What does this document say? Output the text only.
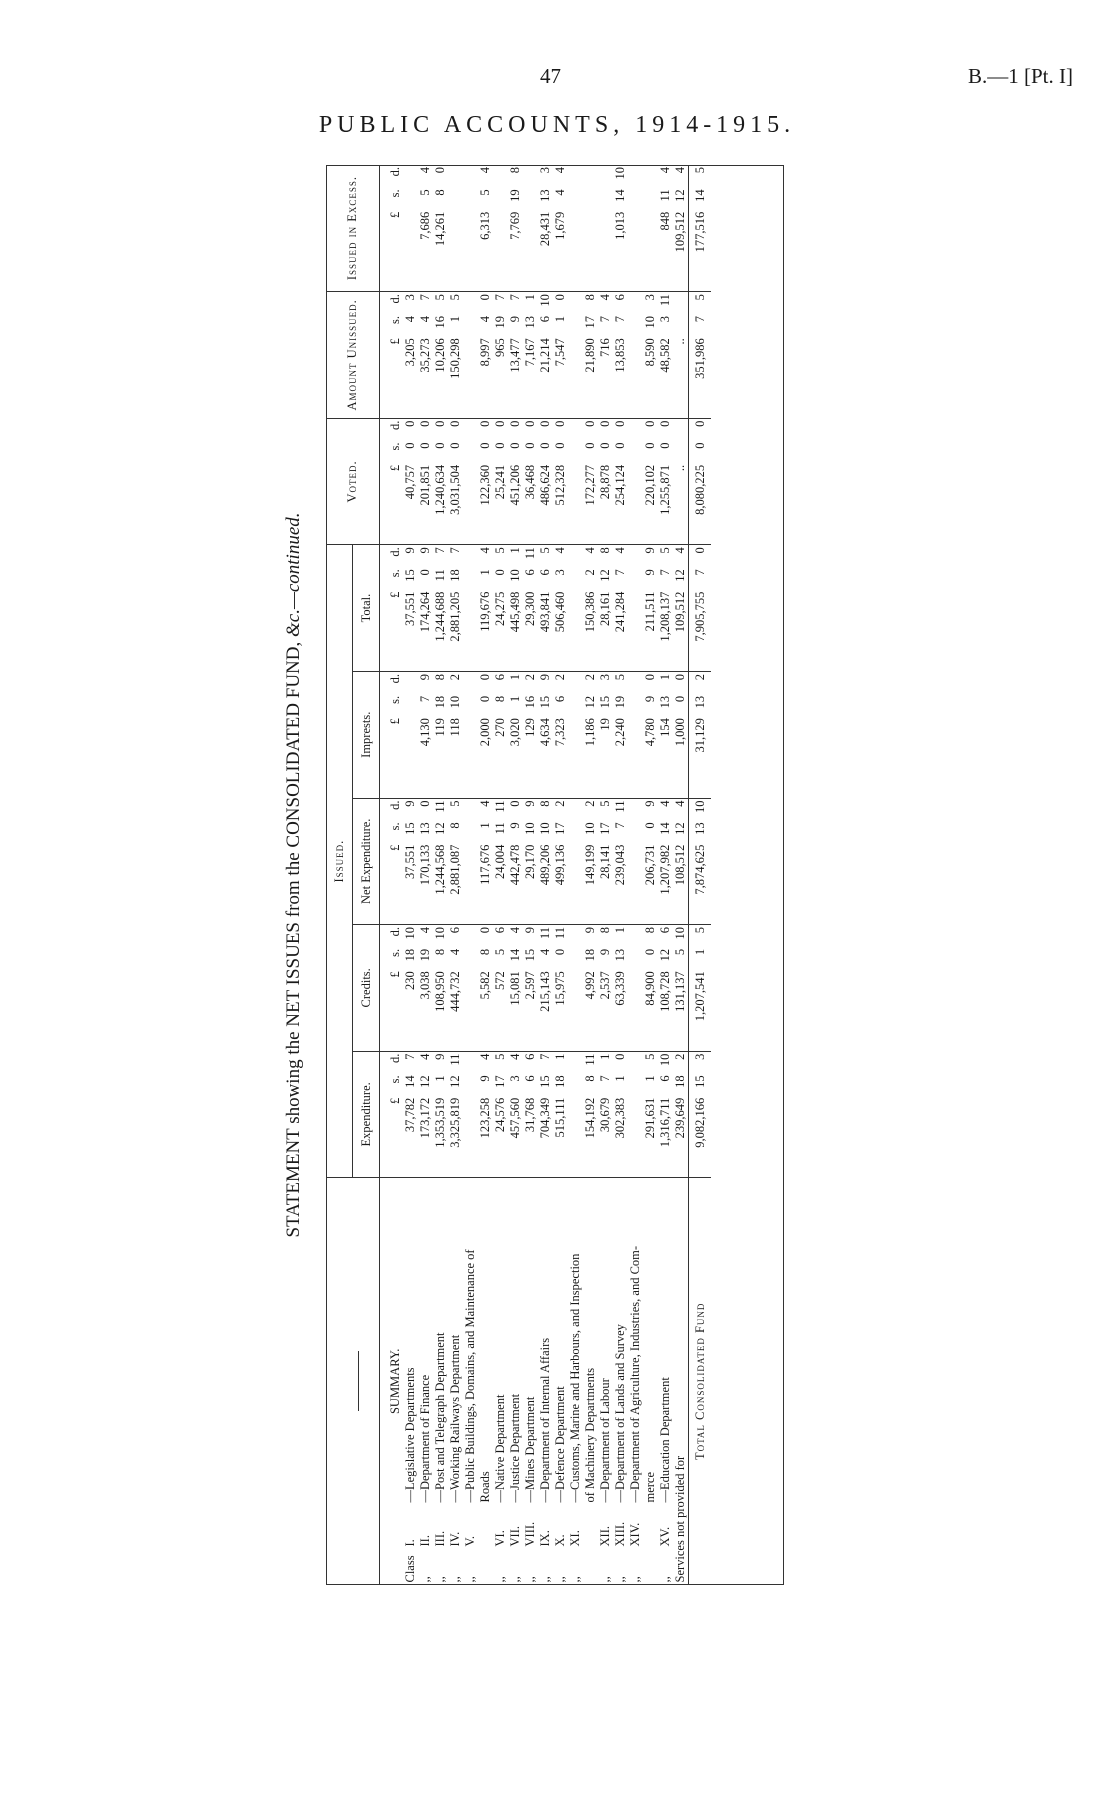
47	B.—1 [Pt. I]
PUBLIC ACCOUNTS, 1914-1915.
STATEMENT showing the NET ISSUES from the CONSOLIDATED FUND, &c.—continued.
	Issued.															Voted.			Amount Unissued.			Issued in Excess.		
	Expenditure.			Credits.			Net Expenditure.			Imprests.			Total.											
SUMMARY.	£	s.	d.	£	s.	d.	£	s.	d.	£	s.	d.	£	s.	d.	£	s.	d.	£	s.	d.	£	s.	d.
ClassI.—Legislative Departments	37,782	14	7	230	18	10	37,551	15	9				37,551	15	9	40,757	0	0	3,205	4	3			
,,II.—Department of Finance	173,172	12	4	3,038	19	4	170,133	13	0	4,130	7	9	174,264	0	9	201,851	0	0	35,273	4	7	7,686	5	4
,,III.—Post and Telegraph Department	1,353,519	1	9	108,950	8	10	1,244,568	12	11	119	18	8	1,244,688	11	7	1,240,634	0	0	10,206	16	5	14,261	8	0
,,IV.—Working Railways Department	3,325,819	12	11	444,732	4	6	2,881,087	8	5	118	10	2	2,881,205	18	7	3,031,504	0	0	150,298	1	5			
,,V.—Public Buildings, Domains, and Maintenance of																								
Roads	123,258	9	4	5,582	8	0	117,676	1	4	2,000	0	0	119,676	1	4	122,360	0	0	8,997	4	0	6,313	5	4
,,VI.—Native Department	24,576	17	5	572	5	6	24,004	11	11	270	8	6	24,275	0	5	25,241	0	0	965	19	7			
,,VII.—Justice Department	457,560	3	4	15,081	14	4	442,478	9	0	3,020	1	1	445,498	10	1	451,206	0	0	13,477	9	7	7,769	19	8
,,VIII.—Mines Department	31,768	6	6	2,597	15	9	29,170	10	9	129	16	2	29,300	6	11	36,468	0	0	7,167	13	1			
,,IX.—Department of Internal Affairs	704,349	15	7	215,143	4	11	489,206	10	8	4,634	15	9	493,841	6	5	486,624	0	0	21,214	6	10	28,431	13	3
,,X.—Defence Department	515,111	18	1	15,975	0	11	499,136	17	2	7,323	6	2	506,460	3	4	512,328	0	0	7,547	1	0	1,679	4	4
,,XI.—Customs, Marine and Harbours, and Inspection																								
of Machinery Departments	154,192	8	11	4,992	18	9	149,199	10	2	1,186	12	2	150,386	2	4	172,277	0	0	21,890	17	8			
,,XII.—Department of Labour	30,679	7	1	2,537	9	8	28,141	17	5	19	15	3	28,161	12	8	28,878	0	0	716	7	4			
,,XIII.—Department of Lands and Survey	302,383	1	0	63,339	13	1	239,043	7	11	2,240	19	5	241,284	7	4	254,124	0	0	13,853	7	6	1,013	14	10
,,XIV.—Department of Agriculture, Industries, and Com-																								
merce	291,631	1	5	84,900	0	8	206,731	0	9	4,780	9	0	211,511	9	9	220,102	0	0	8,590	10	3			
,,XV.—Education Department	1,316,711	6	10	108,728	12	6	1,207,982	14	4	154	13	1	1,208,137	7	5	1,255,871	0	0	48,582	3	11	848	11	4
Services not provided for	239,649	18	2	131,137	5	10	108,512	12	4	1,000	0	0	109,512	12	4	..			..			109,512	12	4
Total Consolidated Fund	9,082,166	15	3	1,207,541	1	5	7,874,625	13	10	31,129	13	2	7,905,755	7	0	8,080,225	0	0	351,986	7	5	177,516	14	5
